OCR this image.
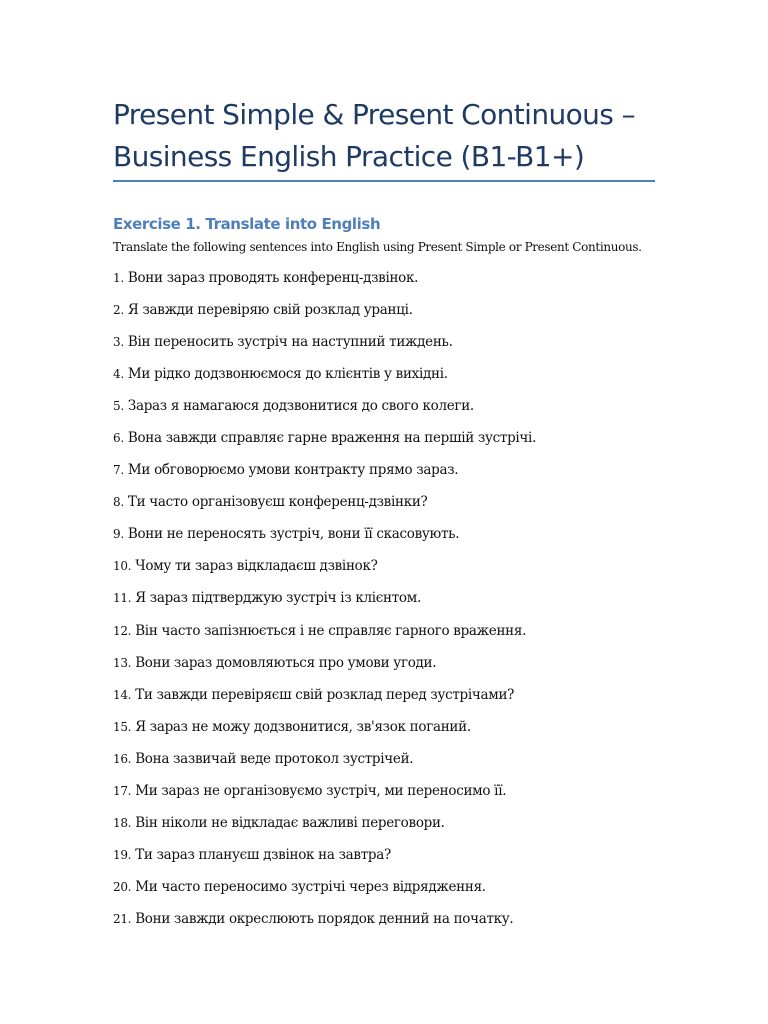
Present Simple & Present Continuous –
Business English Practice (B1-B1+)
Exercise 1. Translate into English

Translate the following sentences into English using Present Simple or Present Continuous.

1. Вони зараз проводять конференц-дзвінок.
2. Я завжди перевіряю свій розклад уранці.
3. Він переносить зустріч на наступний тиждень.
4. Ми рідко додзвонюємося до клієнтів у вихідні.
5. Зараз я намагаюся додзвонитися до свого колеги.
6. Вона завжди справляє гарне враження на першій зустрічі.
7. Ми обговорюємо умови контракту прямо зараз.
8. Ти часто організовуєш конференц-дзвінки?
9. Вони не переносять зустріч, вони її скасовують.
10. Чому ти зараз відкладаєш дзвінок?
11. Я зараз підтверджую зустріч із клієнтом.
12. Він часто запізнюється і не справляє гарного враження.
13. Вони зараз домовляються про умови угоди.
14. Ти завжди перевіряєш свій розклад перед зустрічами?
15. Я зараз не можу додзвонитися, зв'язок поганий.
16. Вона зазвичай веде протокол зустрічей.
17. Ми зараз не організовуємо зустріч, ми переносимо її.
18. Він ніколи не відкладає важливі переговори.
19. Ти зараз плануєш дзвінок на завтра?
20. Ми часто переносимо зустрічі через відрядження.
21. Вони завжди окреслюють порядок денний на початку.
